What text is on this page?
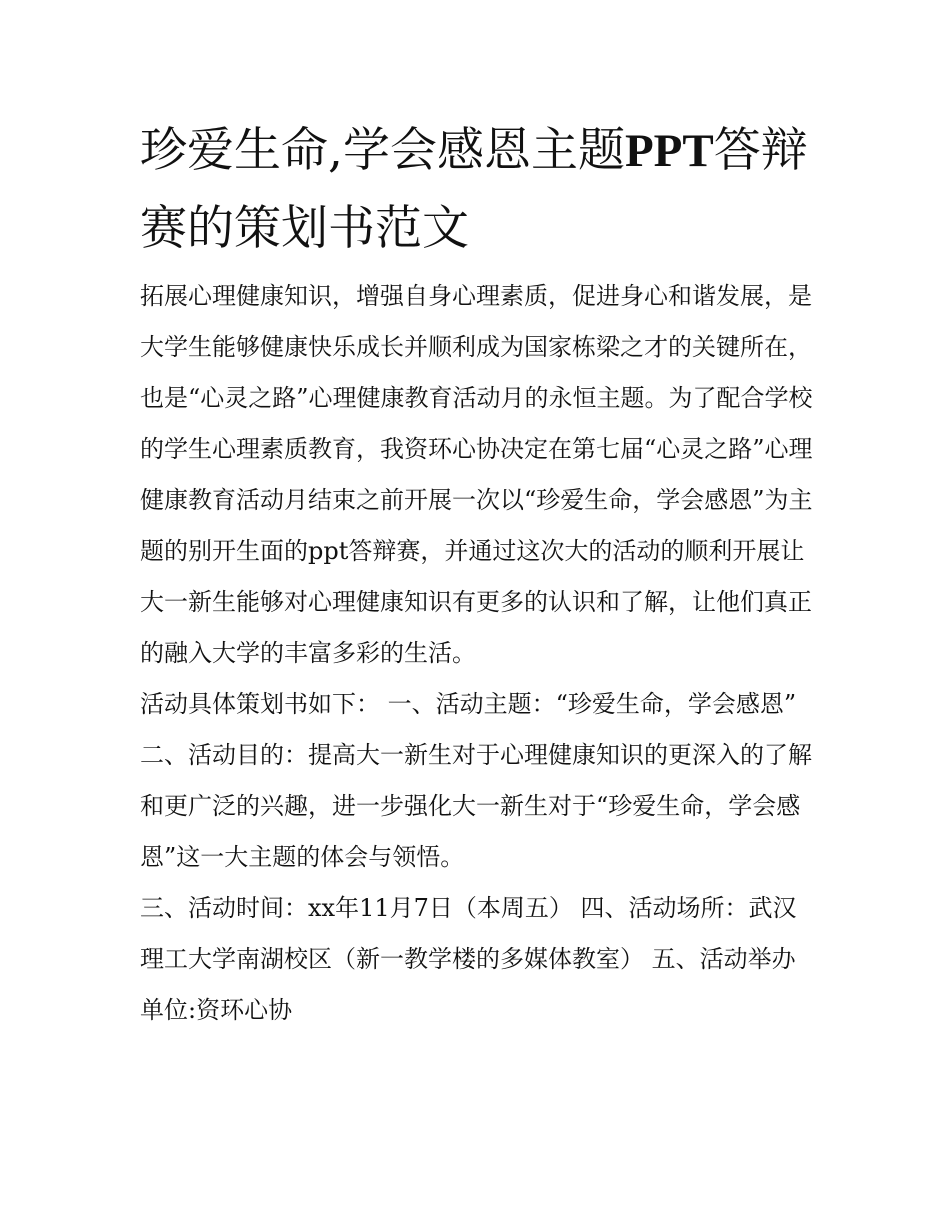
珍爱生命,学会感恩主题PPT答辩赛的策划书范文

拓展心理健康知识，增强自身心理素质，促进身心和谐发展，是大学生能够健康快乐成长并顺利成为国家栋梁之才的关键所在，也是“心灵之路”心理健康教育活动月的永恒主题。为了配合学校的学生心理素质教育，我资环心协决定在第七届“心灵之路”心理健康教育活动月结束之前开展一次以“珍爱生命，学会感恩”为主题的别开生面的ppt答辩赛，并通过这次大的活动的顺利开展让大一新生能够对心理健康知识有更多的认识和了解，让他们真正的融入大学的丰富多彩的生活。

活动具体策划书如下： 一、活动主题：“珍爱生命，学会感恩”

二、活动目的：提高大一新生对于心理健康知识的更深入的了解和更广泛的兴趣，进一步强化大一新生对于“珍爱生命，学会感恩”这一大主题的体会与领悟。

三、活动时间：xx年11月7日（本周五） 四、活动场所：武汉理工大学南湖校区（新一教学楼的多媒体教室） 五、活动举办单位:资环心协
